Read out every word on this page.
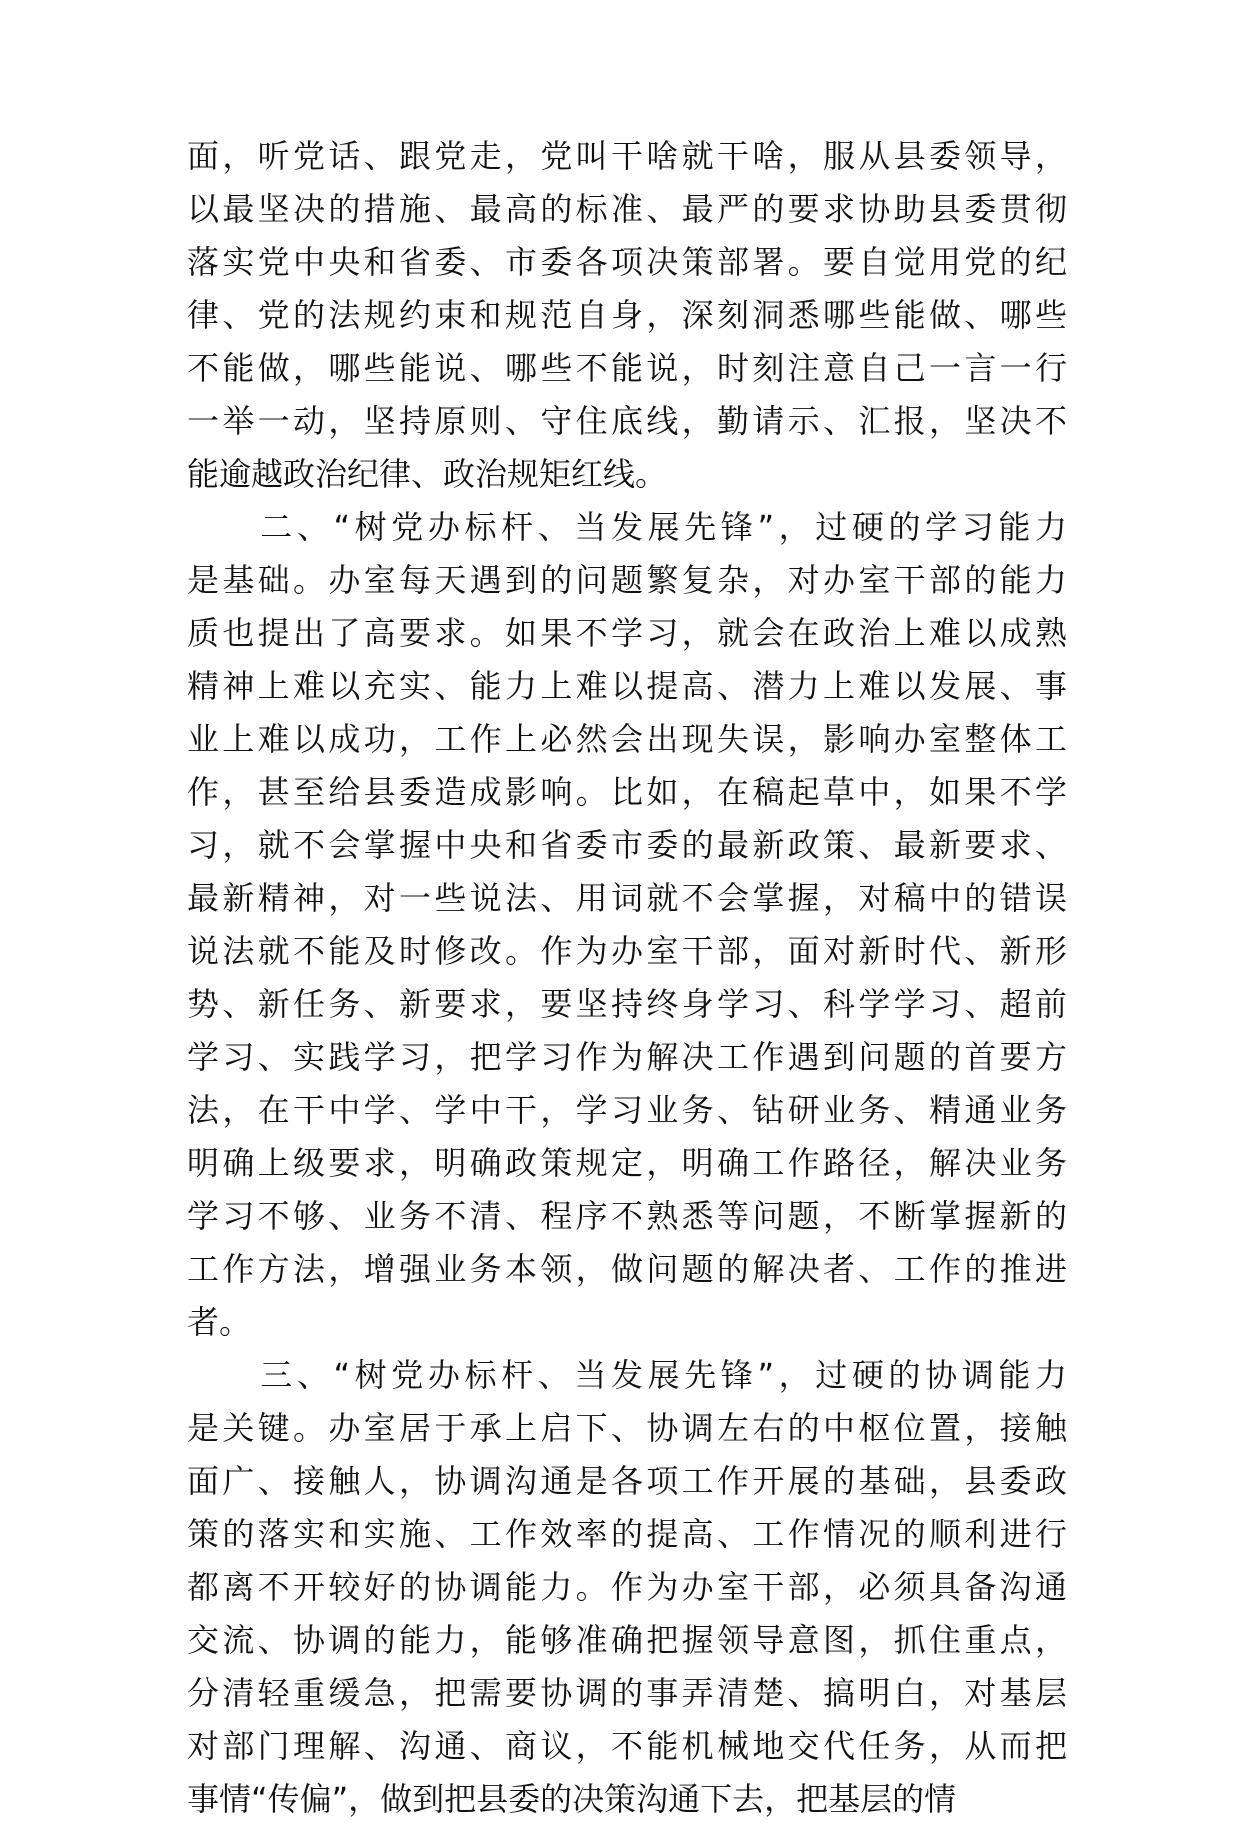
面，听党话、跟党走，党叫干啥就干啥，服从县委领导，
以最坚决的措施、最高的标准、最严的要求协助县委贯彻
落实党中央和省委、市委各项决策部署。要自觉用党的纪
律、党的法规约束和规范自身，深刻洞悉哪些能做、哪些
不能做，哪些能说、哪些不能说，时刻注意自己一言一行
一举一动，坚持原则、守住底线，勤请示、汇报，坚决不
能逾越政治纪律、政治规矩红线。
　　二、“树党办标杆、当发展先锋”，过硬的学习能力
是基础。办室每天遇到的问题繁复杂，对办室干部的能力
质也提出了高要求。如果不学习，就会在政治上难以成熟
精神上难以充实、能力上难以提高、潜力上难以发展、事
业上难以成功，工作上必然会出现失误，影响办室整体工
作，甚至给县委造成影响。比如，在稿起草中，如果不学
习，就不会掌握中央和省委市委的最新政策、最新要求、
最新精神，对一些说法、用词就不会掌握，对稿中的错误
说法就不能及时修改。作为办室干部，面对新时代、新形
势、新任务、新要求，要坚持终身学习、科学学习、超前
学习、实践学习，把学习作为解决工作遇到问题的首要方
法，在干中学、学中干，学习业务、钻研业务、精通业务
明确上级要求，明确政策规定，明确工作路径，解决业务
学习不够、业务不清、程序不熟悉等问题，不断掌握新的
工作方法，增强业务本领，做问题的解决者、工作的推进
者。
　　三、“树党办标杆、当发展先锋”，过硬的协调能力
是关键。办室居于承上启下、协调左右的中枢位置，接触
面广、接触人，协调沟通是各项工作开展的基础，县委政
策的落实和实施、工作效率的提高、工作情况的顺利进行
都离不开较好的协调能力。作为办室干部，必须具备沟通
交流、协调的能力，能够准确把握领导意图，抓住重点，
分清轻重缓急，把需要协调的事弄清楚、搞明白，对基层
对部门理解、沟通、商议，不能机械地交代任务，从而把
事情“传偏”，做到把县委的决策沟通下去，把基层的情
